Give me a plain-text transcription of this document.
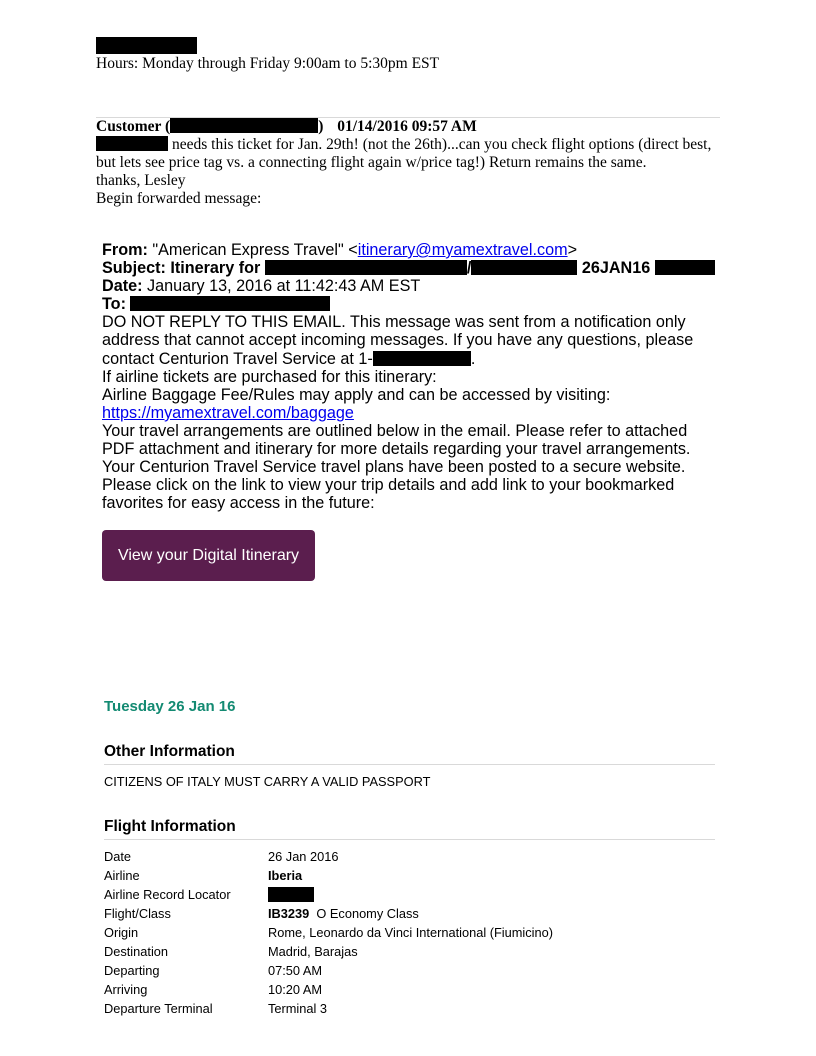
Hours: Monday through Friday 9:00am to 5:30pm EST
Customer (	) 01/14/2016 09:57 AM

needs this ticket for Jan. 29th! (not the 26th)...can you check flight options (direct best, but lets see price tag vs. a connecting flight again w/price tag!) Return remains the same.

thanks, Lesley

Begin forwarded message:

From: "American Express Travel" <itinerary@myamextravel.com>

Subject: Itinerary for	/	26JAN16

Date: January 13, 2016 at 11:42:43 AM EST

To:

DO NOT REPLY TO THIS EMAIL. This message was sent from a notification only address that cannot accept incoming messages. If you have any questions, please contact Centurion Travel Service at 1-	.

If airline tickets are purchased for this itinerary:

Airline Baggage Fee/Rules may apply and can be accessed by visiting:

https://myamextravel.com/baggage

Your travel arrangements are outlined below in the email. Please refer to attached PDF attachment and itinerary for more details regarding your travel arrangements. Your Centurion Travel Service travel plans have been posted to a secure website. Please click on the link to view your trip details and add link to your bookmarked favorites for easy access in the future:

View your Digital Itinerary
Tuesday 26 Jan 16
Other Information
CITIZENS OF ITALY MUST CARRY A VALID PASSPORT
Flight Information
Date	26 Jan 2016
Airline	Iberia
Airline Record Locator
Flight/Class	IB3239 O Economy Class
Origin	Rome, Leonardo da Vinci International (Fiumicino)
Destination	Madrid, Barajas
Departing	07:50 AM
Arriving	10:20 AM
Departure Terminal	Terminal 3
